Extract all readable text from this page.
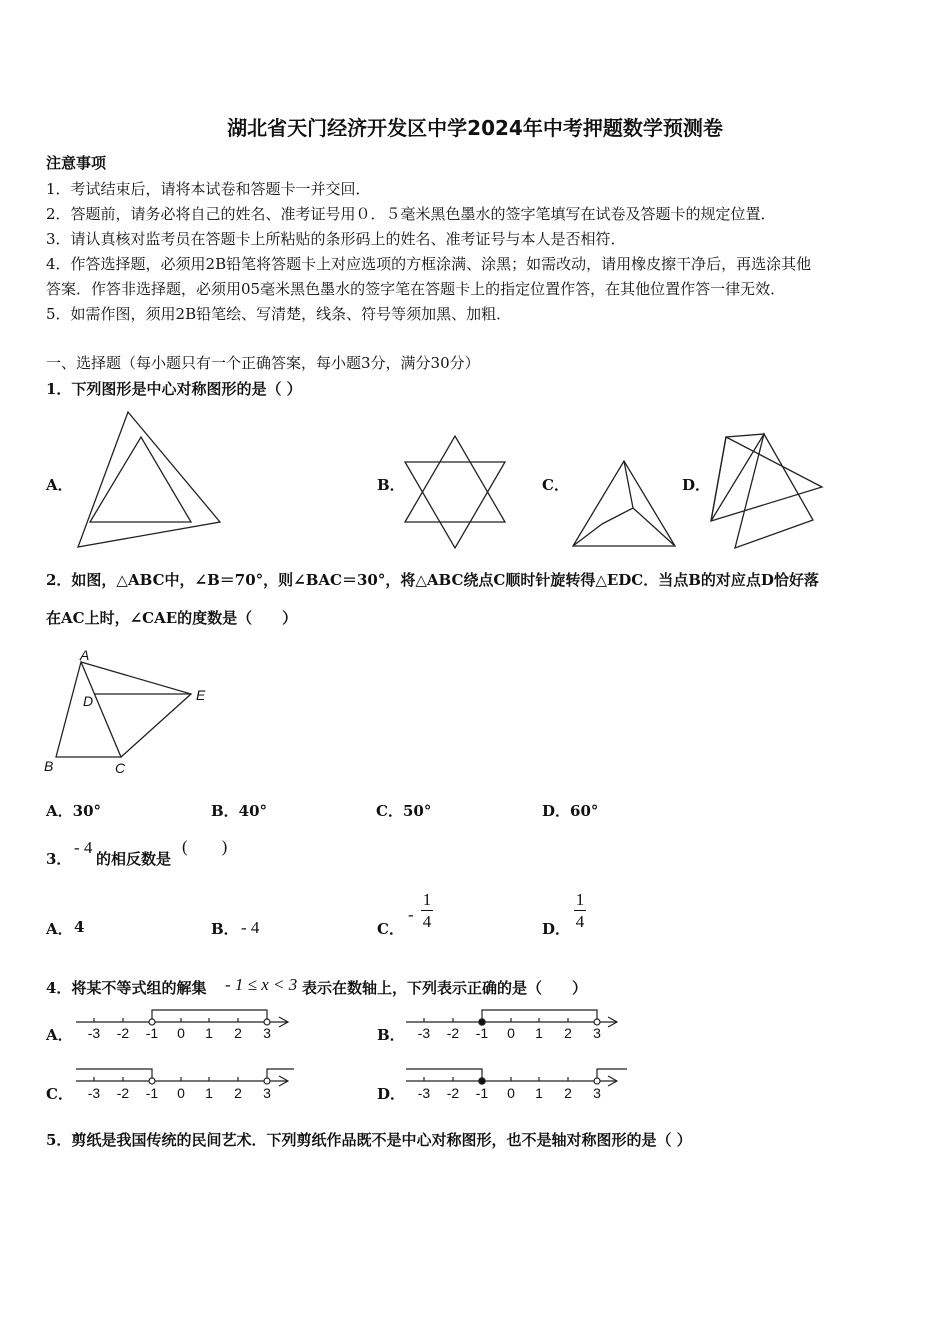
湖北省天门经济开发区中学2024年中考押题数学预测卷
注意事项
1．考试结束后，请将本试卷和答题卡一并交回．
2．答题前，请务必将自己的姓名、准考证号用０．５毫米黑色墨水的签字笔填写在试卷及答题卡的规定位置．
3．请认真核对监考员在答题卡上所粘贴的条形码上的姓名、准考证号与本人是否相符．
4．作答选择题，必须用2B铅笔将答题卡上对应选项的方框涂满、涂黑；如需改动，请用橡皮擦干净后，再选涂其他
答案．作答非选择题，必须用05毫米黑色墨水的签字笔在答题卡上的指定位置作答，在其他位置作答一律无效．
5．如需作图，须用2B铅笔绘、写清楚，线条、符号等须加黑、加粗．
一、选择题（每小题只有一个正确答案，每小题3分，满分30分）
1．下列图形是中心对称图形的是（ ）
A．	B．	C．	D．
2．如图，△ABC中，∠B＝70°，则∠BAC＝30°，将△ABC绕点C顺时针旋转得△EDC．当点B的对应点D恰好落
在AC上时，∠CAE的度数是（　　）
A
D	E
B	C
A．30°	B．40°	C．50°	D．60°
3．
- 4
的相反数是
(　　)
A． 4	B． - 4	C．
- $\frac{1}{4}$	D． $\frac{1}{4}$
4．将某不等式组的解集 - 1 ≤ x < 3 表示在数轴上，下列表示正确的是（　　）
A．	B．
C．	D．
-3 -2 -1 0 1 2 3	-3 -2 -1 0 1 2 3
-3 -2 -1 0 1 2 3	-3 -2 -1 0 1 2 3
5．剪纸是我国传统的民间艺术．下列剪纸作品既不是中心对称图形，也不是轴对称图形的是（ ）
